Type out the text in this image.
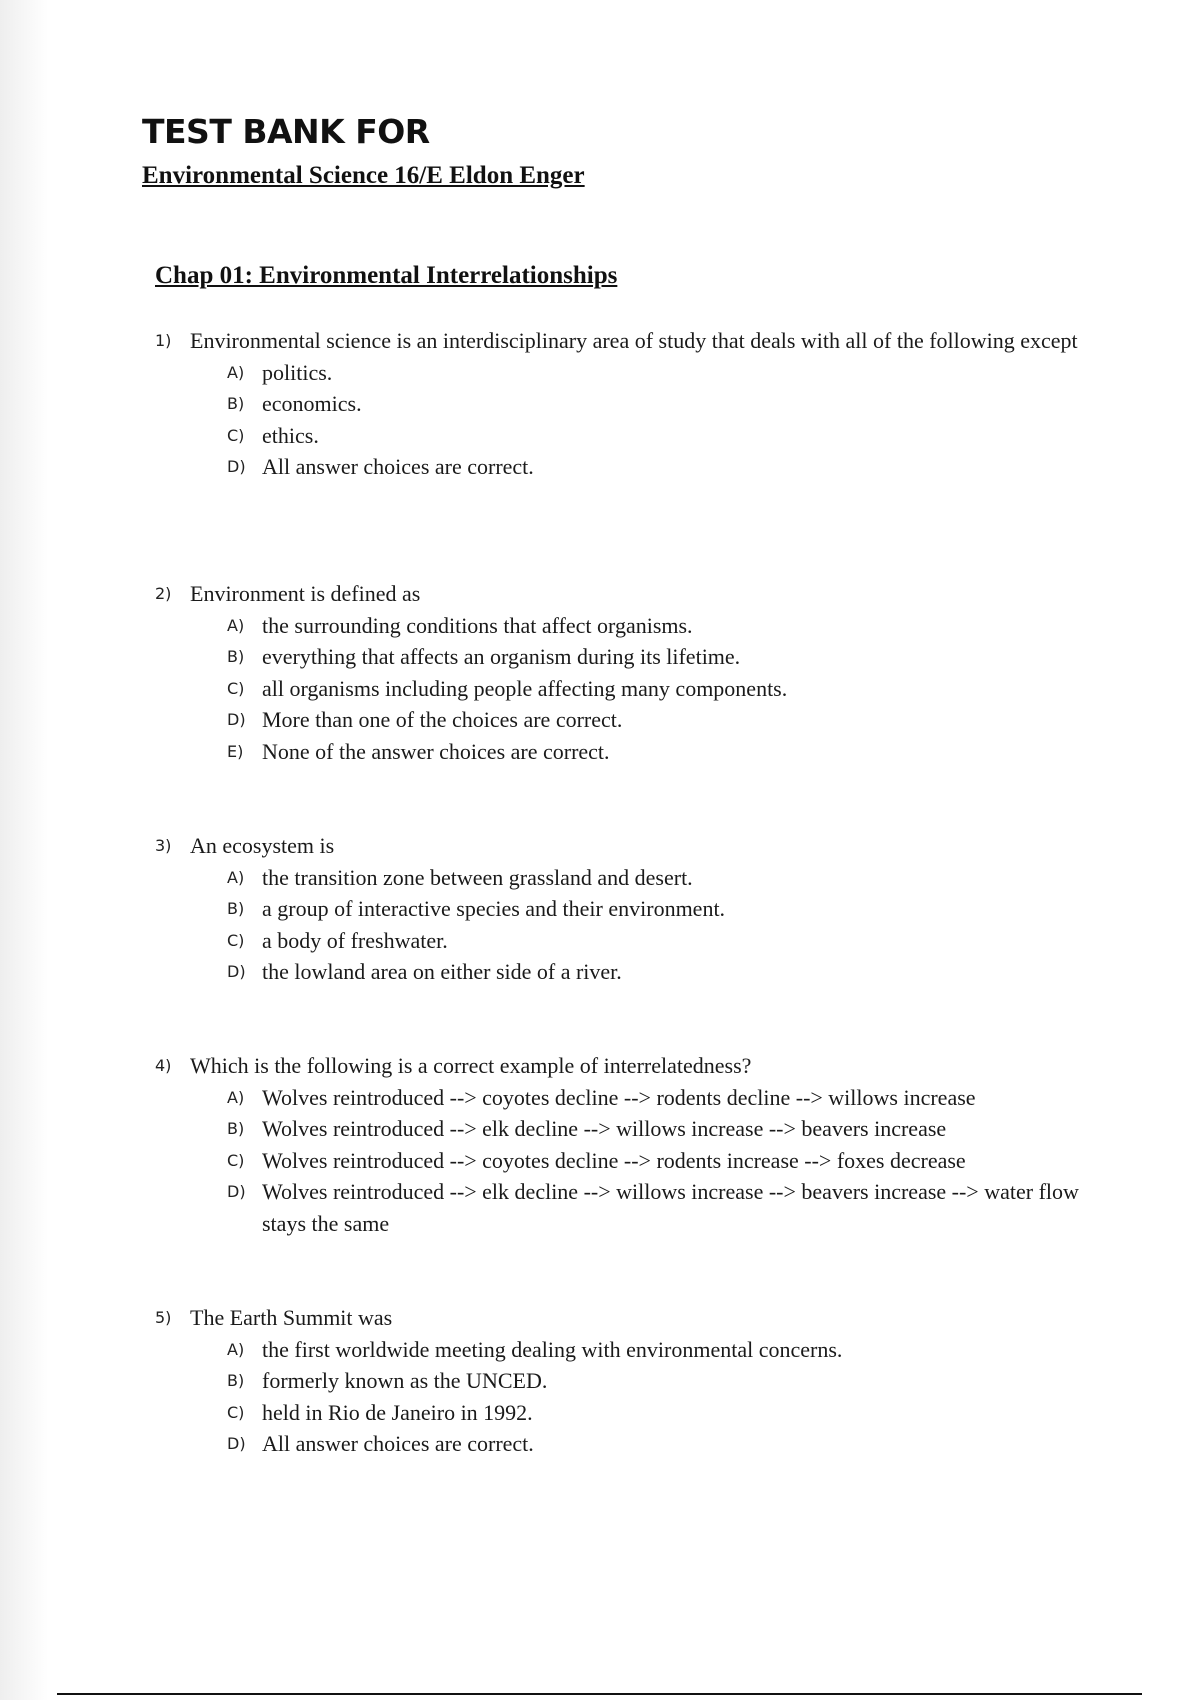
TEST BANK FOR
Environmental Science 16/E Eldon Enger
Chap 01: Environmental Interrelationships
1) Environmental science is an interdisciplinary area of study that deals with all of the following except
A) politics.
B) economics.
C) ethics.
D) All answer choices are correct.
2) Environment is defined as
A) the surrounding conditions that affect organisms.
B) everything that affects an organism during its lifetime.
C) all organisms including people affecting many components.
D) More than one of the choices are correct.
E) None of the answer choices are correct.
3) An ecosystem is
A) the transition zone between grassland and desert.
B) a group of interactive species and their environment.
C) a body of freshwater.
D) the lowland area on either side of a river.
4) Which is the following is a correct example of interrelatedness?
A) Wolves reintroduced --> coyotes decline --> rodents decline --> willows increase
B) Wolves reintroduced --> elk decline --> willows increase --> beavers increase
C) Wolves reintroduced --> coyotes decline --> rodents increase --> foxes decrease
D) Wolves reintroduced --> elk decline --> willows increase --> beavers increase --> water flow stays the same
5) The Earth Summit was
A) the first worldwide meeting dealing with environmental concerns.
B) formerly known as the UNCED.
C) held in Rio de Janeiro in 1992.
D) All answer choices are correct.
